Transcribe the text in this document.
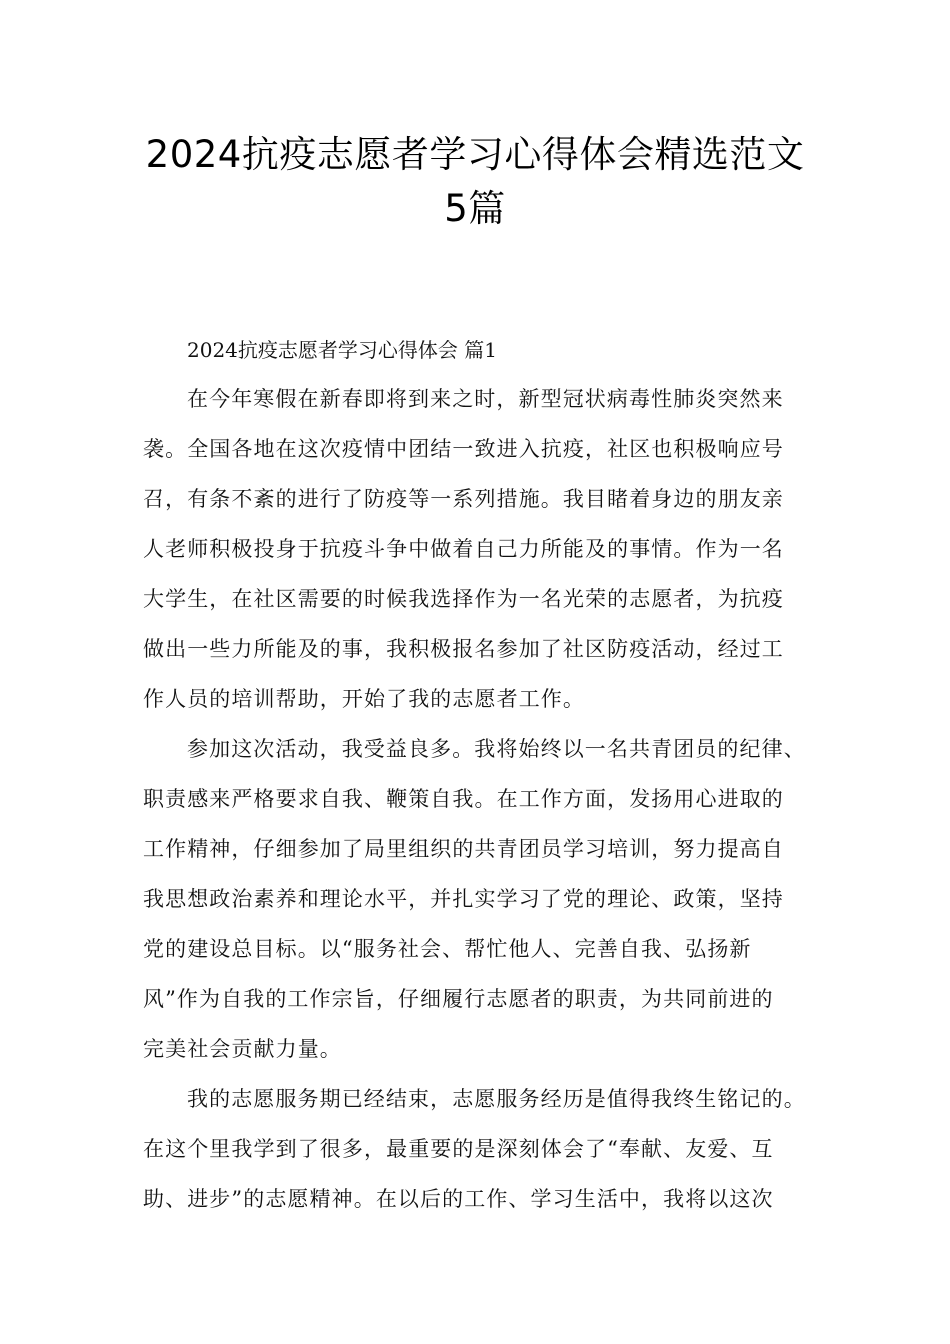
2024抗疫志愿者学习心得体会精选范文
5篇
2024抗疫志愿者学习心得体会 篇1

在今年寒假在新春即将到来之时，新型冠状病毒性肺炎突然来
袭。全国各地在这次疫情中团结一致进入抗疫，社区也积极响应号
召，有条不紊的进行了防疫等一系列措施。我目睹着身边的朋友亲
人老师积极投身于抗疫斗争中做着自己力所能及的事情。作为一名
大学生，在社区需要的时候我选择作为一名光荣的志愿者，为抗疫
做出一些力所能及的事，我积极报名参加了社区防疫活动，经过工
作人员的培训帮助，开始了我的志愿者工作。

参加这次活动，我受益良多。我将始终以一名共青团员的纪律、
职责感来严格要求自我、鞭策自我。在工作方面，发扬用心进取的
工作精神，仔细参加了局里组织的共青团员学习培训，努力提高自
我思想政治素养和理论水平，并扎实学习了党的理论、政策，坚持
党的建设总目标。以“服务社会、帮忙他人、完善自我、弘扬新
风”作为自我的工作宗旨，仔细履行志愿者的职责，为共同前进的
完美社会贡献力量。

我的志愿服务期已经结束，志愿服务经历是值得我终生铭记的。
在这个里我学到了很多，最重要的是深刻体会了“奉献、友爱、互
助、进步”的志愿精神。在以后的工作、学习生活中，我将以这次
